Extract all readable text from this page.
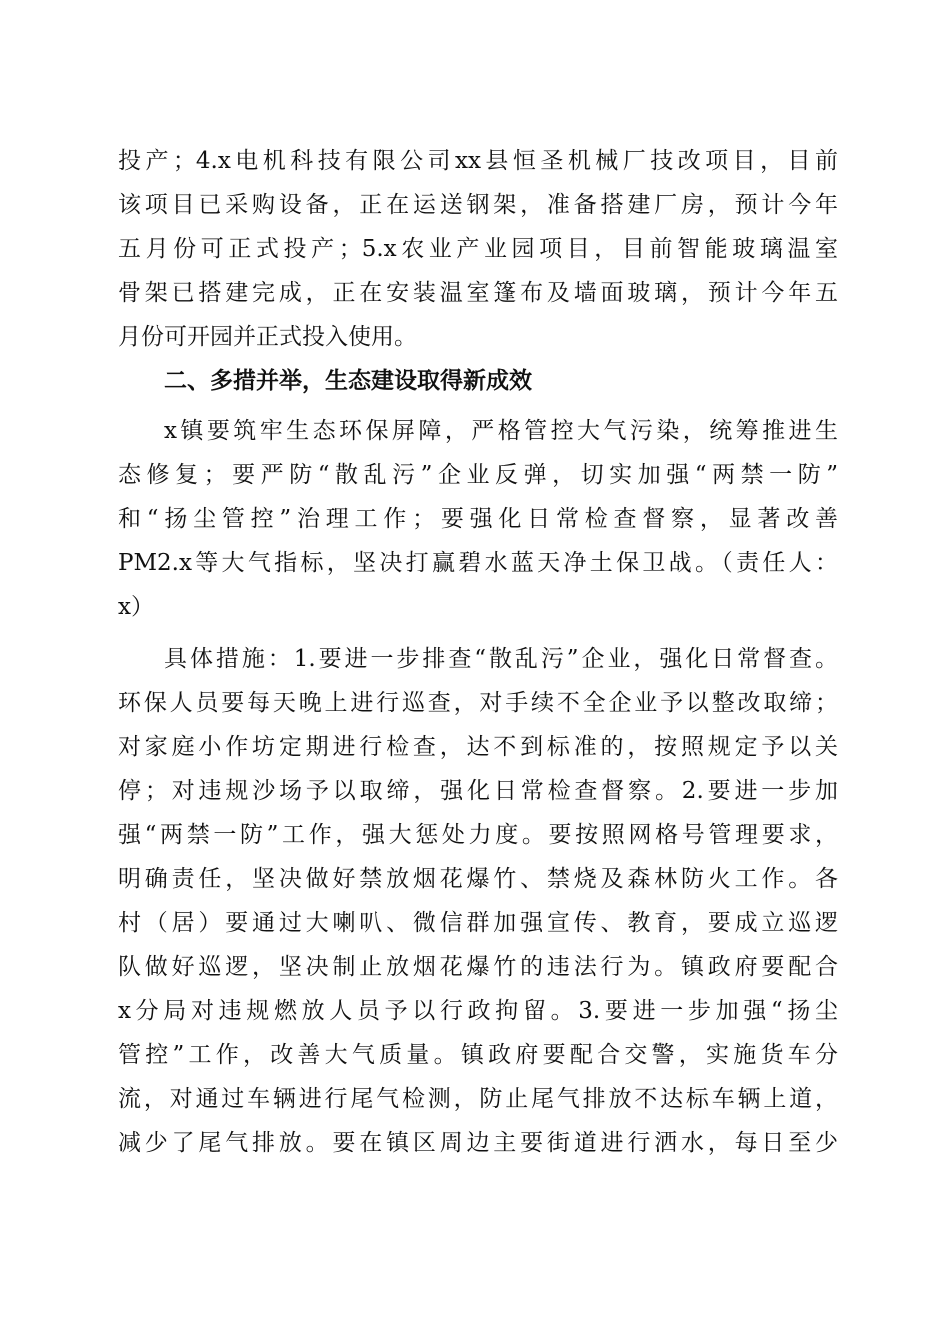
投产；4.x电机科技有限公司xx县恒圣机械厂技改项目，目前
该项目已采购设备，正在运送钢架，准备搭建厂房，预计今年
五月份可正式投产；5.x农业产业园项目，目前智能玻璃温室
骨架已搭建完成，正在安装温室篷布及墙面玻璃，预计今年五
月份可开园并正式投入使用。
二、多措并举，生态建设取得新成效
x镇要筑牢生态环保屏障，严格管控大气污染，统筹推进生
态修复；要严防“散乱污”企业反弹，切实加强“两禁一防”
和“扬尘管控”治理工作；要强化日常检查督察，显著改善
PM2.x等大气指标，坚决打赢碧水蓝天净土保卫战。（责任人：
x）
具体措施：1.要进一步排查“散乱污”企业，强化日常督查。
环保人员要每天晚上进行巡查，对手续不全企业予以整改取缔；
对家庭小作坊定期进行检查，达不到标准的，按照规定予以关
停；对违规沙场予以取缔，强化日常检查督察。2.要进一步加
强“两禁一防”工作，强大惩处力度。要按照网格号管理要求，
明确责任，坚决做好禁放烟花爆竹、禁烧及森林防火工作。各
村（居）要通过大喇叭、微信群加强宣传、教育，要成立巡逻
队做好巡逻，坚决制止放烟花爆竹的违法行为。镇政府要配合
x分局对违规燃放人员予以行政拘留。3.要进一步加强“扬尘
管控”工作，改善大气质量。镇政府要配合交警，实施货车分
流，对通过车辆进行尾气检测，防止尾气排放不达标车辆上道，
减少了尾气排放。要在镇区周边主要街道进行洒水，每日至少
